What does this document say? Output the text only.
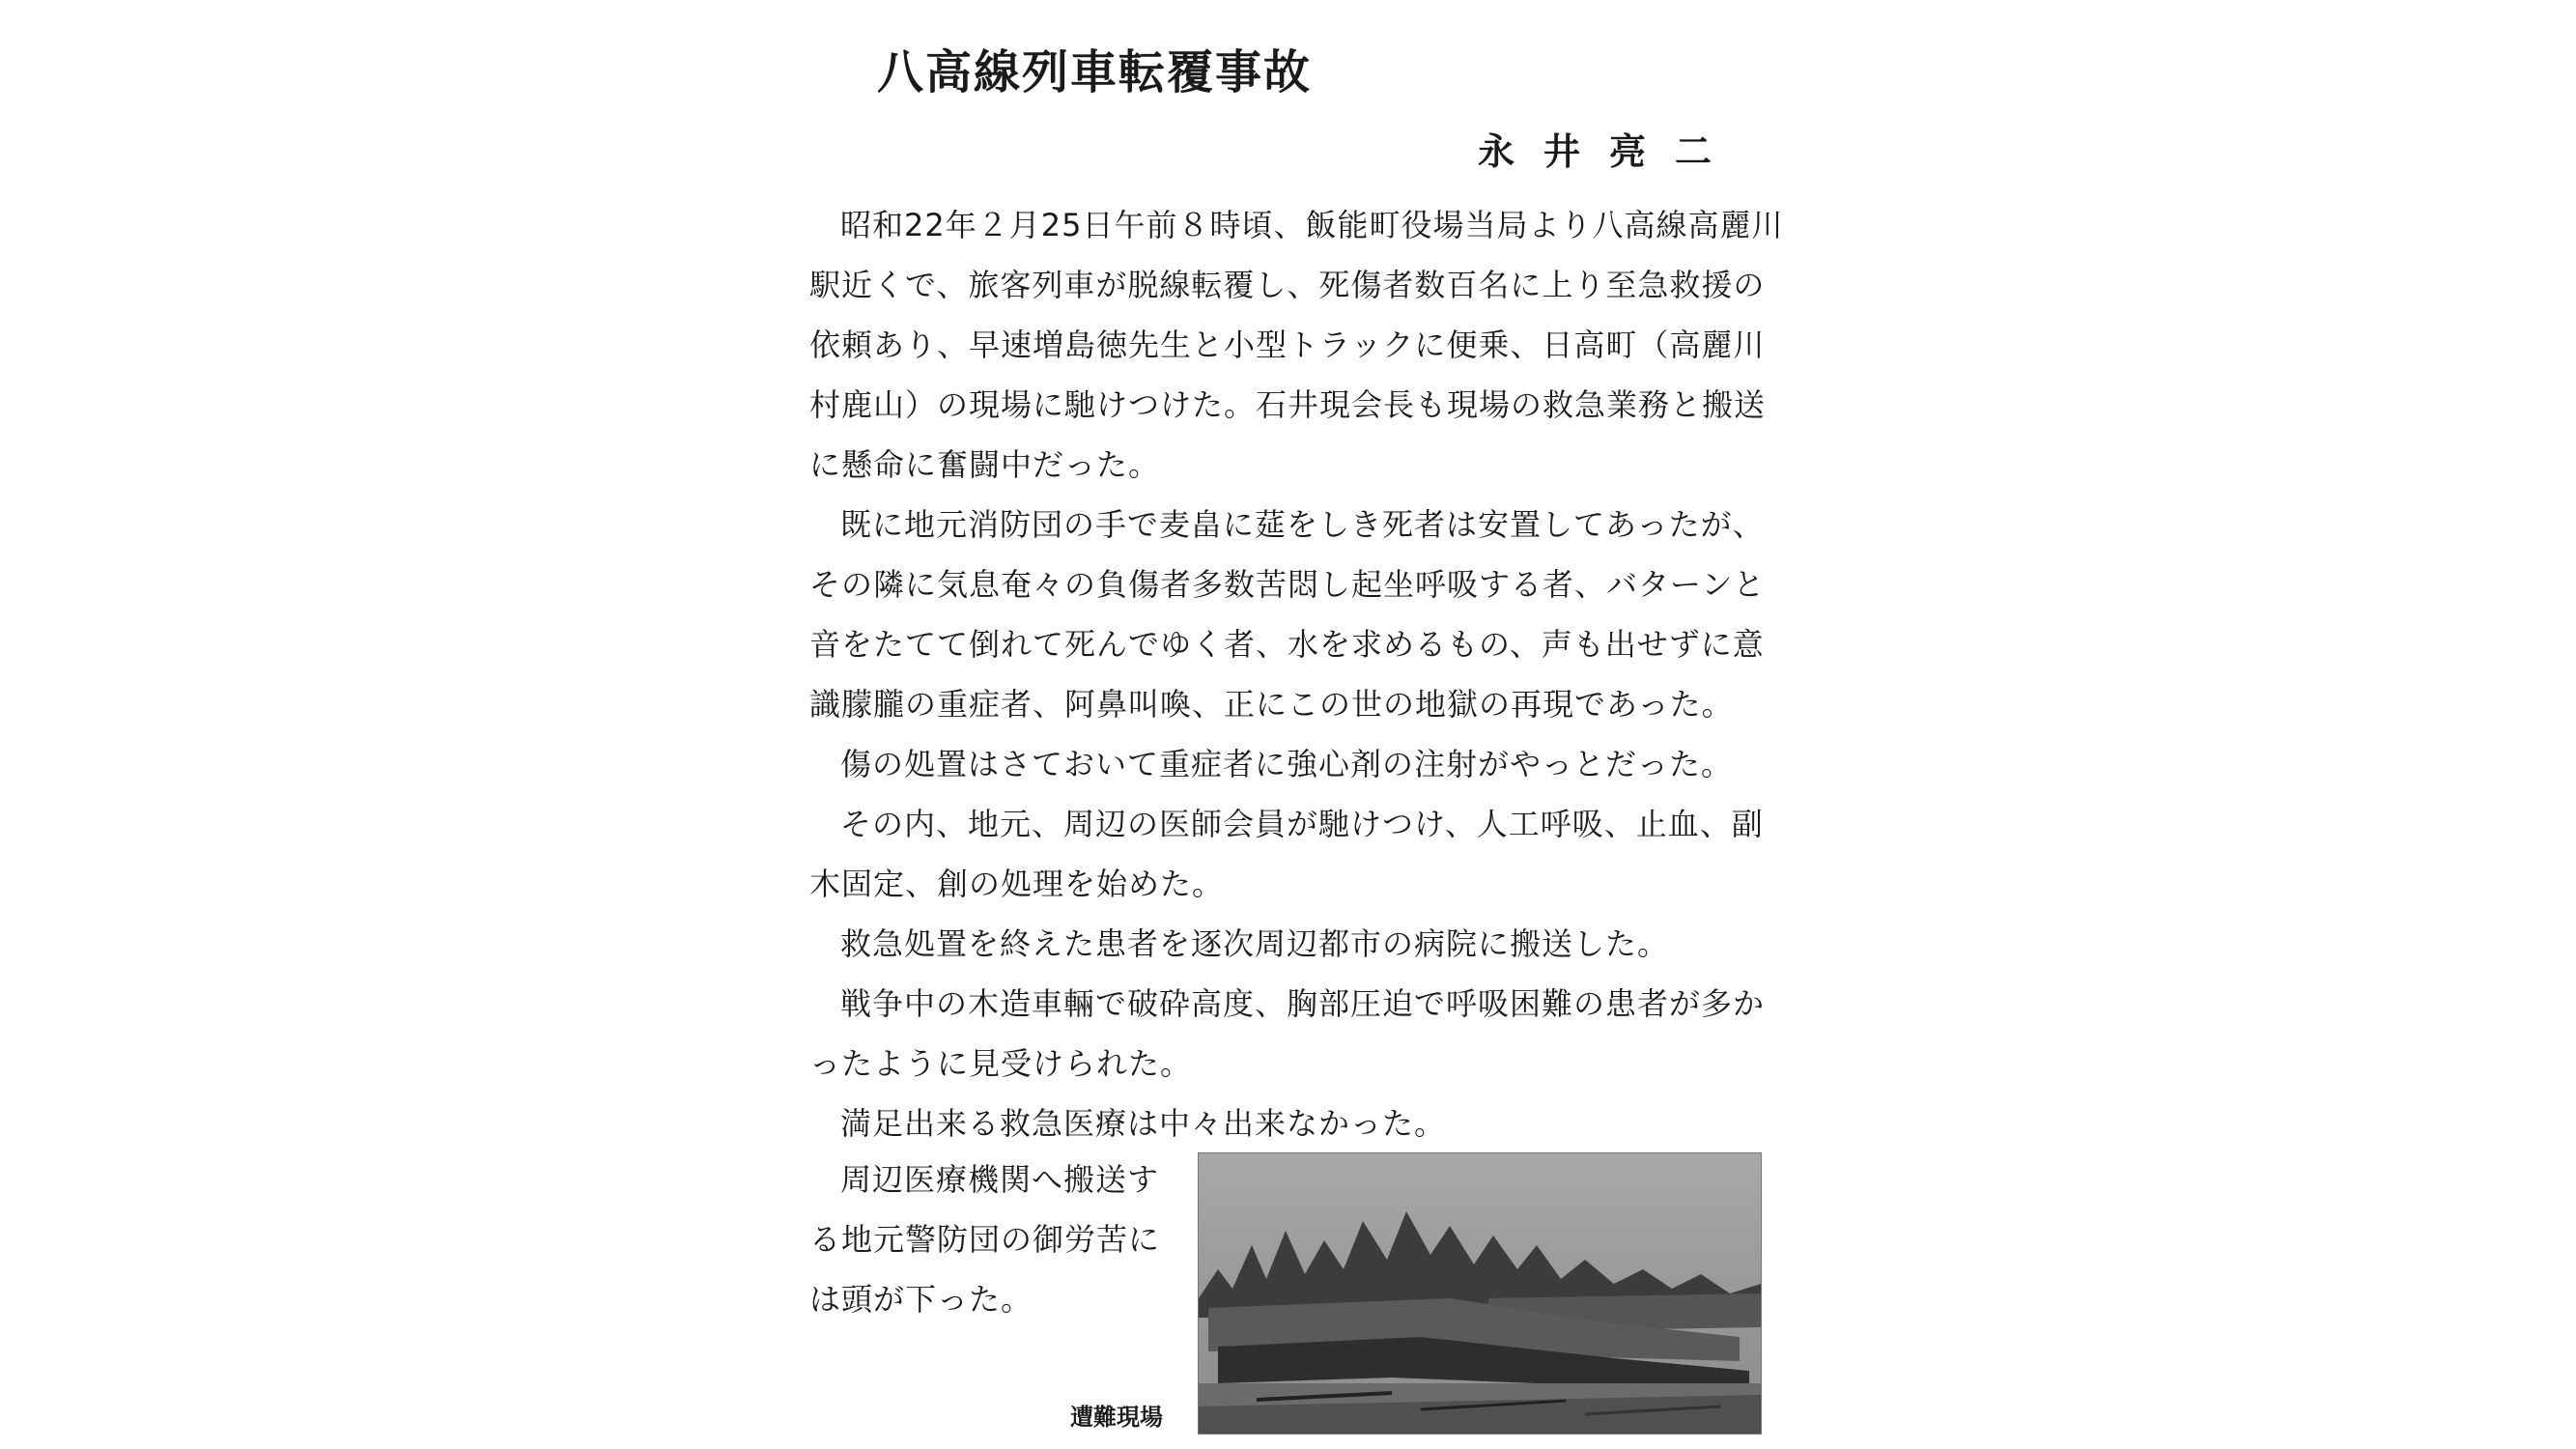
八高線列車転覆事故
永井亮二
昭和22年２月25日午前８時頃、飯能町役場当局より八高線高麗川
駅近くで、旅客列車が脱線転覆し、死傷者数百名に上り至急救援の
依頼あり、早速増島徳先生と小型トラックに便乗、日高町（高麗川
村鹿山）の現場に馳けつけた。石井現会長も現場の救急業務と搬送
に懸命に奮闘中だった。
既に地元消防団の手で麦畠に莚をしき死者は安置してあったが、
その隣に気息奄々の負傷者多数苦悶し起坐呼吸する者、バターンと
音をたてて倒れて死んでゆく者、水を求めるもの、声も出せずに意
識朦朧の重症者、阿鼻叫喚、正にこの世の地獄の再現であった。
傷の処置はさておいて重症者に強心剤の注射がやっとだった。
その内、地元、周辺の医師会員が馳けつけ、人工呼吸、止血、副
木固定、創の処理を始めた。
救急処置を終えた患者を逐次周辺都市の病院に搬送した。
戦争中の木造車輛で破砕高度、胸部圧迫で呼吸困難の患者が多か
ったように見受けられた。
満足出来る救急医療は中々出来なかった。
周辺医療機関へ搬送す
る地元警防団の御労苦に
は頭が下った。
遭難現場
